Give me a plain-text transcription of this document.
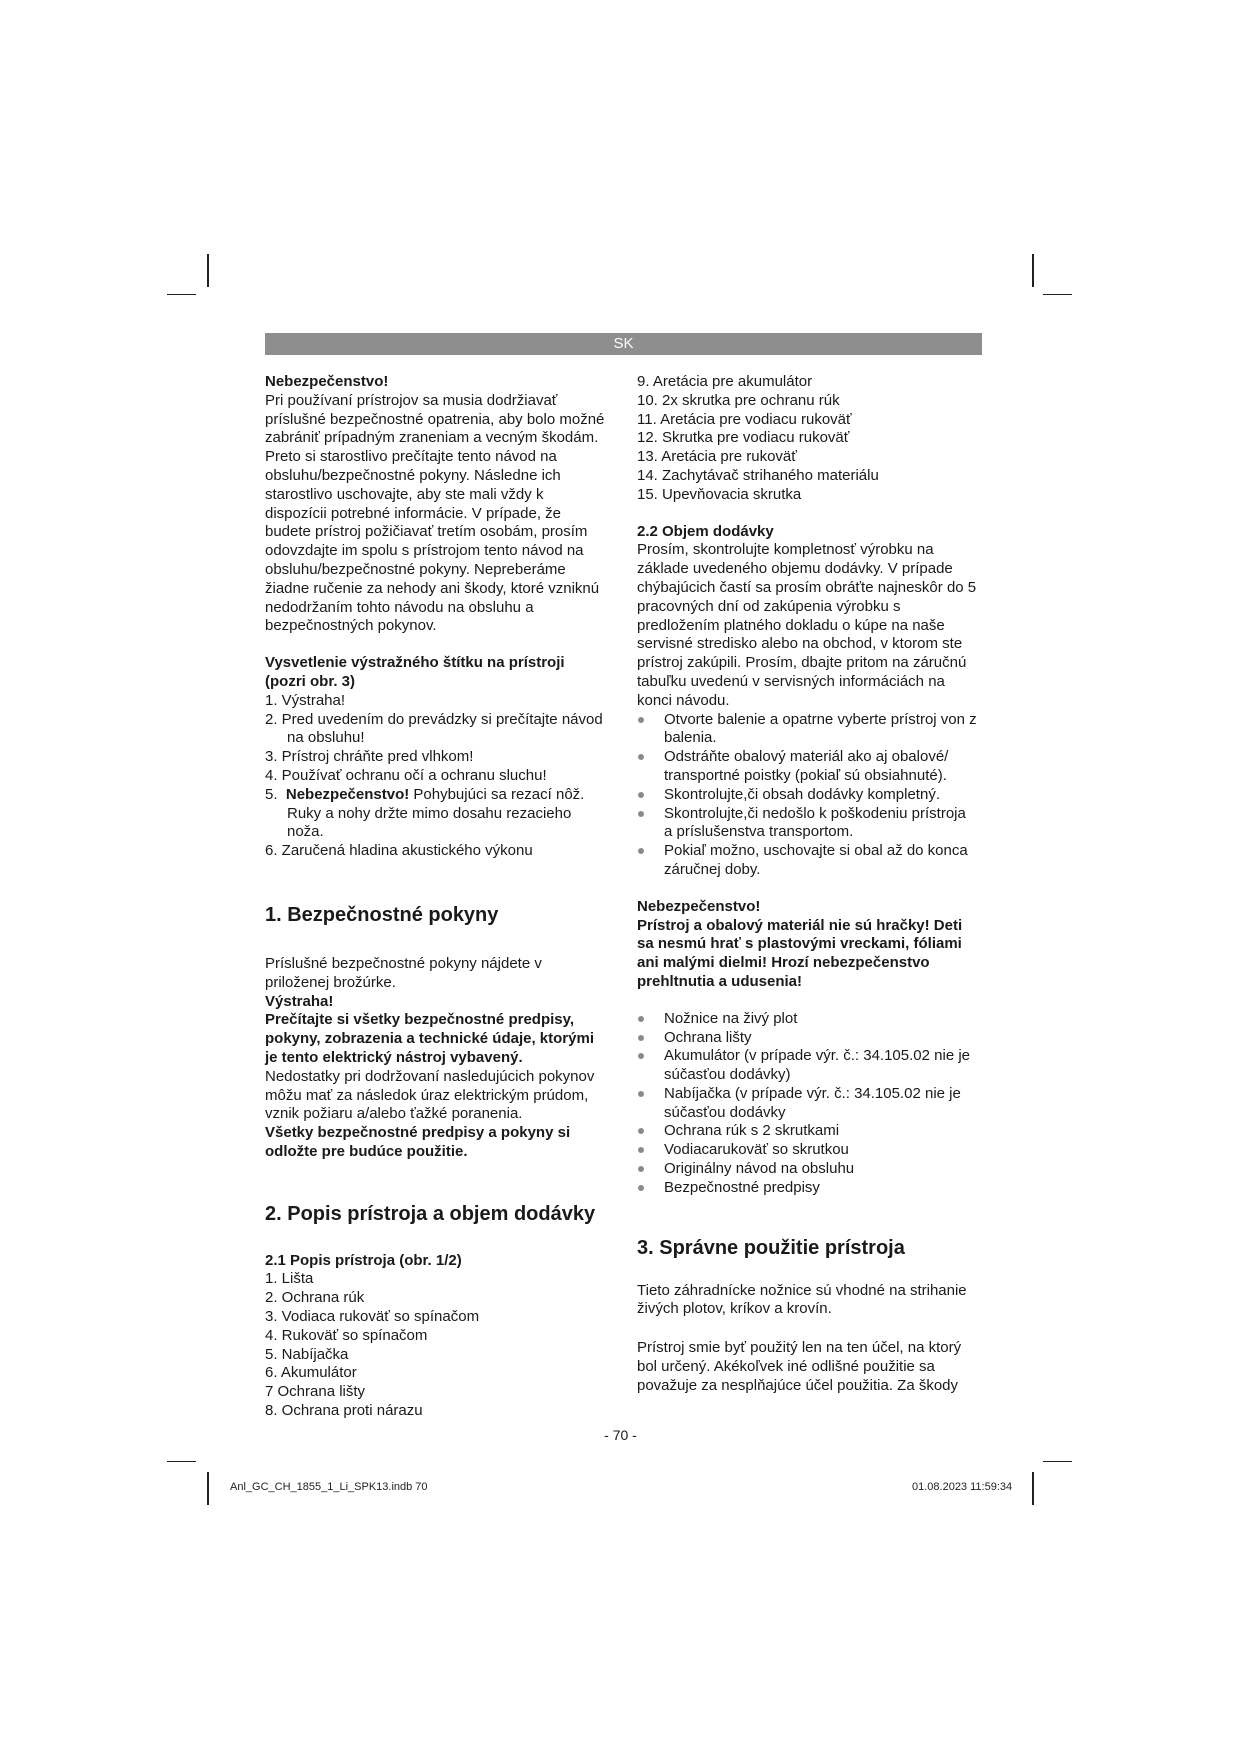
SK

Nebezpečenstvo!

Pri používaní prístrojov sa musia dodržiavať príslušné bezpečnostné opatrenia, aby bolo možné zabrániť prípadným zraneniam a vecným škodám. Preto si starostlivo prečítajte tento návod na obsluhu/bezpečnostné pokyny. Následne ich starostlivo uschovajte, aby ste mali vždy k dispozícii potrebné informácie. V prípade, že budete prístroj požičiavať tretím osobám, prosím odovzdajte im spolu s prístrojom tento návod na obsluhu/bezpečnostné pokyny. Nepreberáme žiadne ručenie za nehody ani škody, ktoré vzniknú nedodržaním tohto návodu na obsluhu a bezpečnostných pokynov.

Vysvetlenie výstražného štítku na prístroji (pozri obr. 3)

1. Výstraha!
2. Pred uvedením do prevádzky si prečítajte návod na obsluhu!
3. Prístroj chráňte pred vlhkom!
4. Používať ochranu očí a ochranu sluchu!
5. Nebezpečenstvo! Pohybujúci sa rezací nôž. Ruky a nohy držte mimo dosahu rezacieho noža.
6. Zaručená hladina akustického výkonu

1. Bezpečnostné pokyny

Príslušné bezpečnostné pokyny nájdete v priloženej brožúrke.

Výstraha!

Prečítajte si všetky bezpečnostné predpisy, pokyny, zobrazenia a technické údaje, ktorými je tento elektrický nástroj vybavený.

Nedostatky pri dodržovaní nasledujúcich pokynov môžu mať za následok úraz elektrickým prúdom, vznik požiaru a/alebo ťažké poranenia.

Všetky bezpečnostné predpisy a pokyny si odložte pre budúce použitie.

2. Popis prístroja a objem dodávky

2.1 Popis prístroja (obr. 1/2)

1. Lišta
2. Ochrana rúk
3. Vodiaca rukoväť so spínačom
4. Rukoväť so spínačom
5. Nabíjačka
6. Akumulátor
7 Ochrana lišty
8. Ochrana proti nárazu
9. Aretácia pre akumulátor
10. 2x skrutka pre ochranu rúk
11. Aretácia pre vodiacu rukoväť
12. Skrutka pre vodiacu rukoväť
13. Aretácia pre rukoväť
14. Zachytávač strihaného materiálu
15. Upevňovacia skrutka

2.2 Objem dodávky

Prosím, skontrolujte kompletnosť výrobku na základe uvedeného objemu dodávky. V prípade chýbajúcich častí sa prosím obráťte najneskôr do 5 pracovných dní od zakúpenia výrobku s predložením platného dokladu o kúpe na naše servisné stredisko alebo na obchod, v ktorom ste prístroj zakúpili. Prosím, dbajte pritom na záručnú tabuľku uvedenú v servisných informáciách na konci návodu.

Otvorte balenie a opatrne vyberte prístroj von z balenia.
Odstráňte obalový materiál ako aj obalové/ transportné poistky (pokiaľ sú obsiahnuté).
Skontrolujte,či obsah dodávky kompletný.
Skontrolujte,či nedošlo k poškodeniu prístroja a príslušenstva transportom.
Pokiaľ možno, uschovajte si obal až do konca záručnej doby.

Nebezpečenstvo!

Prístroj a obalový materiál nie sú hračky! Deti sa nesmú hrať s plastovými vreckami, fóliami ani malými dielmi! Hrozí nebezpečenstvo prehltnutia a udusenia!

Nožnice na živý plot
Ochrana lišty
Akumulátor (v prípade výr. č.: 34.105.02 nie je súčasťou dodávky)
Nabíjačka (v prípade výr. č.: 34.105.02 nie je súčasťou dodávky
Ochrana rúk s 2 skrutkami
Vodiacarukoväť so skrutkou
Originálny návod na obsluhu
Bezpečnostné predpisy

3. Správne použitie prístroja

Tieto záhradnícke nožnice sú vhodné na strihanie živých plotov, kríkov a krovín.

Prístroj smie byť použitý len na ten účel, na ktorý bol určený. Akékoľvek iné odlišné použitie sa považuje za nesplňajúce účel použitia. Za škody

- 70 -
Anl_GC_CH_1855_1_Li_SPK13.indb 70	01.08.2023 11:59:34
